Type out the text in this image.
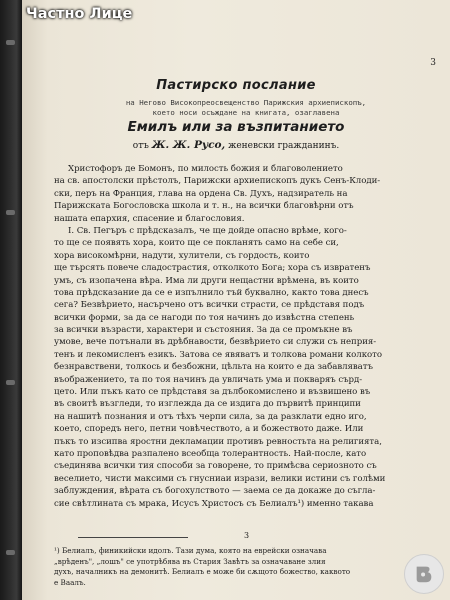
Частно Лице
3
Пастирско послание
на Негово Високопреосвещенство Парижския архиепископъ,
което носи осъждане на книгата, озаглавена
Емилъ или за възпитанието
отъ Ж. Ж. Русо, женевски гражданинъ.
Христофоръ де Бомонъ, по милость божия и благоволението
на св. апостолски прѣстолъ, Парижски архиепископъ дукъ Сенъ-Клоди-
ски, перъ на Франция, глава на ордена Св. Духъ, надзиратель на
Парижската Богословска школа и т. н., на всички благовѣрни отъ
нашата епархия, спасение и благословия.
I. Св. Пегъръ с прѣдсказалъ, че ще дойде опасно врѣме, кого-
то ще се появять хора, които ще се покланять само на себе си,
хора високомѣрни, надути, хулители, съ гордость, които
ще търсять повече сладострастия, отколкото Бога; хора съ извратенъ
умъ, съ изопачена вѣра. Има ли други нещастни врѣмена, въ които
това прѣдсказание да се е изпълнило тъй буквално, както това днесъ
сега? Безвѣрието, насърчено отъ всички страсти, се прѣдставя подъ
всички форми, за да се нагоди по тоя начинъ до извѣстна степень
за всички възрасти, характери и състояния. За да се промъкне въ
умове, вече потънали въ дрѣбнавости, безвѣрието си служи съ неприя-
тенъ и лекомисленъ езикъ. Затова се явяватъ и толкова романи колкото
безнравствени, толкось и безбожни, цѣльта на които е да забавляватъ
въображението, та по тоя начинъ да увличать ума и покваряъ сърд-
цето. Или пъкъ като се прѣдставя за дълбокомислено и възвишено въ
въ своитѣ възгледи, то изглежда да се издига до първитѣ принципи
на нашитѣ познания и отъ тѣхъ черпи сила, за да разклати едно иго,
което, споредъ него, петни човѣчеството, а и божеството даже. Или
пъкъ то изсипва яростни декламации противъ ревностьта на религията,
като проповѣдва разпалено всеобща толерантность. Най-после, като
съединява всички тия способи за говорене, то примѣсва сериозното съ
веселието, чисти максими съ гнусниаи изрази, велики истини съ голѣми
заблуждения, вѣрата съ богохулството — заема се да докаже до съгла-
сие свѣтлината съ мрака, Исусъ Христосъ съ Белиалъ¹) именно такава
3
¹) Белиалъ, финикийски идолъ. Тази дума, която на еврейски означава
„врѣденъ", „лошъ" се употрѣбява въ Стария Завѣтъ за означаване злия
духъ, началникъ на демонитѣ. Белиалъ е може би сѫщото божество, каквото
е Ваалъ.
